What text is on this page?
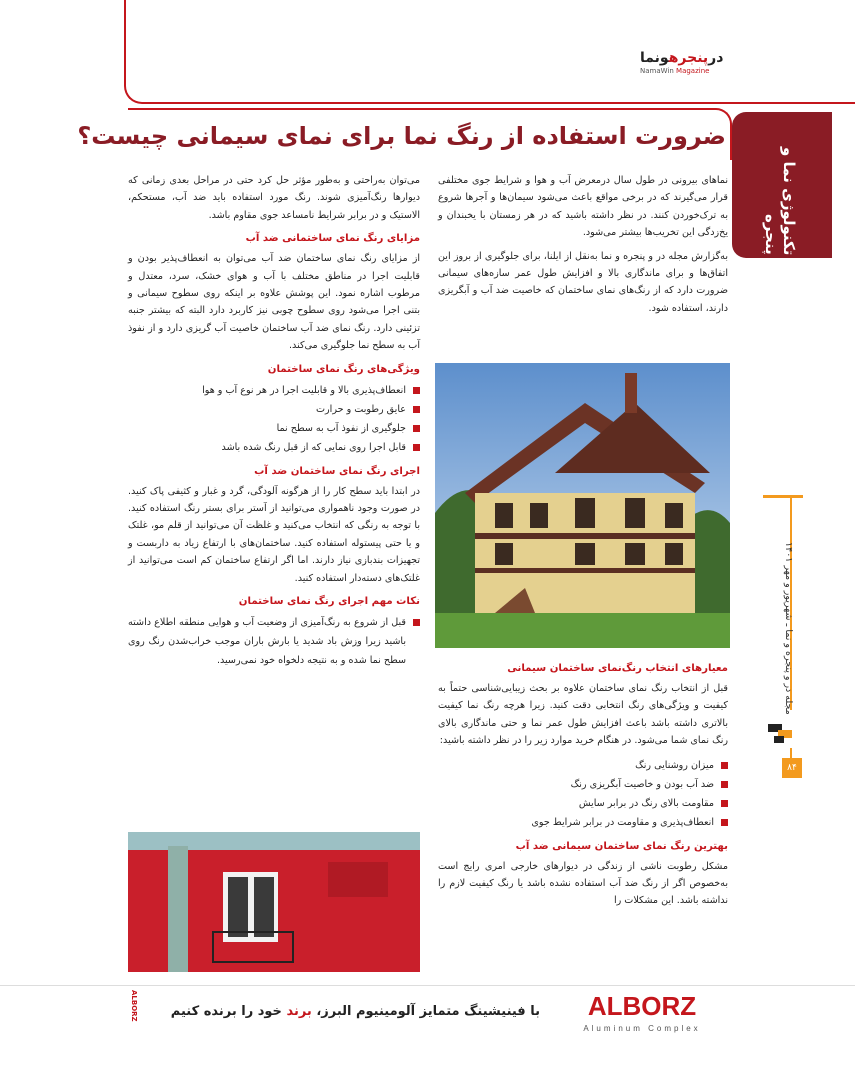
درپنجرهونما
NamaWin Magazine
تکنولوژی نما و پنجره
مجله در و پنجره و نما ـ شهریور و مهر ۱۴۰۱
۸۴
ضرورت استفاده از رنگ نما برای نمای سیمانی چیست؟

نماهای بیرونی در طول سال درمعرض آب و هوا و شرایط جوی مختلفی قرار می‌گیرند که در برخی مواقع باعث می‌شود سیمان‌ها و آجرها شروع به ترک‌خوردن کنند. در نظر داشته باشید که در هر زمستان با یخبندان و یخ‌زدگی این تخریب‌ها بیشتر می‌شود.

به‌گزارش مجله در و پنجره و نما به‌نقل از ایلنا، برای جلوگیری از بروز این اتفاق‌ها و برای ماندگاری بالا و افزایش طول عمر سازه‌های سیمانی ضرورت دارد که از رنگ‌های نمای ساختمان که خاصیت ضد آب و آبگریزی دارند، استفاده شود.

معیارهای انتخاب رنگ‌نمای ساختمان سیمانی

قبل از انتخاب رنگ نمای ساختمان علاوه بر بحث زیبایی‌شناسی حتماً به کیفیت و ویژگی‌های رنگ انتخابی دقت کنید. زیرا هرچه رنگ نما کیفیت بالاتری داشته باشد باعث افزایش طول عمر نما و حتی ماندگاری بالای رنگ نمای شما می‌شود. در هنگام خرید موارد زیر را در نظر داشته باشید:

میزان روشنایی رنگ
ضد آب بودن و خاصیت آبگریزی رنگ
مقاومت بالای رنگ در برابر سایش
انعطاف‌پذیری و مقاومت در برابر شرایط جوی
بهترین رنگ نمای ساختمان سیمانی ضد آب

مشکل رطوبت ناشی از زندگی در دیوارهای خارجی امری رایج است به‌خصوص اگر از رنگ ضد آب استفاده نشده باشد یا رنگ کیفیت لازم را نداشته باشد. این مشکلات را

می‌توان به‌راحتی و به‌طور مؤثر حل کرد حتی در مراحل بعدی زمانی که دیوارها رنگ‌آمیزی شوند. رنگ مورد استفاده باید ضد آب، مستحکم، الاستیک و در برابر شرایط نامساعد جوی مقاوم باشد.

مزایای رنگ نمای ساختمانی ضد آب

از مزایای رنگ نمای ساختمان ضد آب می‌توان به انعطاف‌پذیر بودن و قابلیت اجرا در مناطق مختلف با آب و هوای خشک، سرد، معتدل و مرطوب اشاره نمود. این پوشش علاوه بر اینکه روی سطوح سیمانی و بتنی اجرا می‌شود روی سطوح چوبی نیز کاربرد دارد البته که بیشتر جنبه تزئینی دارد. رنگ نمای ضد آب ساختمان خاصیت آب گریزی دارد و از نفوذ آب به سطح نما جلوگیری می‌کند.

ویژگی‌های رنگ نمای ساختمان
انعطاف‌پذیری بالا و قابلیت اجرا در هر نوع آب و هوا
عایق رطوبت و حرارت
جلوگیری از نفوذ آب به سطح نما
قابل اجرا روی نمایی که از قبل رنگ شده باشد
اجرای رنگ نمای ساختمان ضد آب

در ابتدا باید سطح کار را از هرگونه آلودگی، گرد و غبار و کثیفی پاک کنید. در صورت وجود ناهمواری می‌توانید از آستر برای بستر رنگ استفاده کنید. با توجه به رنگی که انتخاب می‌کنید و غلظت آن می‌توانید از قلم مو، غلتک و یا حتی پیستوله استفاده کنید. ساختمان‌های با ارتفاع زیاد به داربست و تجهیزات بندبازی نیاز دارند. اما اگر ارتفاع ساختمان کم است می‌توانید از غلتک‌های دسته‌دار استفاده کنید.

نکات مهم اجرای رنگ نمای ساختمان
قبل از شروع به رنگ‌آمیزی از وضعیت آب و هوایی منطقه اطلاع داشته باشید زیرا وزش باد شدید یا بارش باران موجب خراب‌شدن رنگ روی سطح نما شده و به نتیجه دلخواه خود نمی‌رسید.
ALBORZ
Aluminum Complex
با فینیشینگ متمایز آلومینیوم البرز، برند خود را برنده کنیم
ALBORZ
